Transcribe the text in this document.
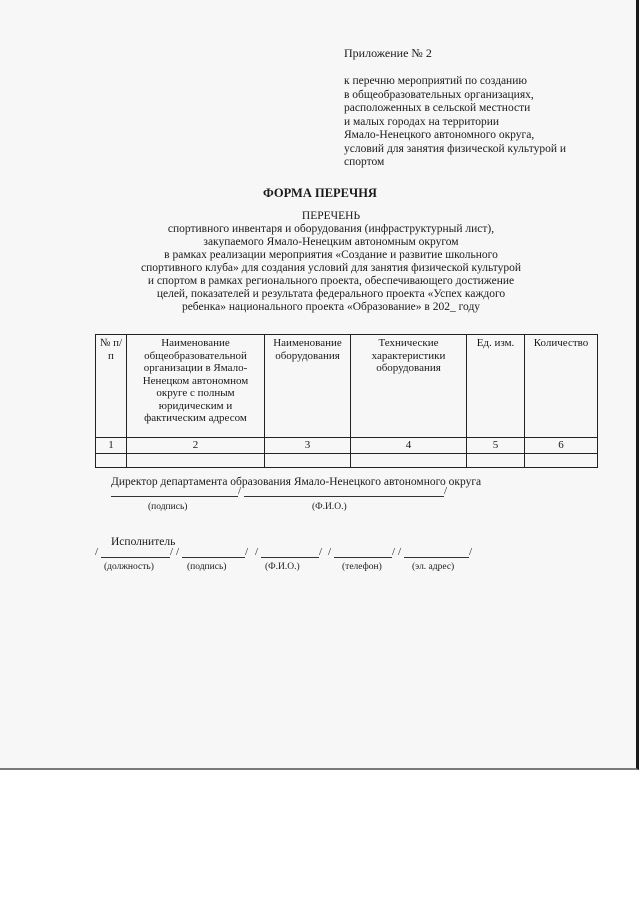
Приложение № 2
к перечню мероприятий по созданию
в общеобразовательных организациях,
расположенных в сельской местности
и малых городах на территории
Ямало-Ненецкого автономного округа,
условий для занятия физической культурой и
спортом
ФОРМА ПЕРЕЧНЯ
ПЕРЕЧЕНЬ
спортивного инвентаря и оборудования (инфраструктурный лист),
закупаемого Ямало-Ненецким автономным округом
в рамках реализации мероприятия «Создание и развитие школьного
спортивного клуба» для создания условий для занятия физической культурой
и спортом в рамках регионального проекта, обеспечивающего достижение
целей, показателей и результата федерального проекта «Успех каждого
ребенка» национального проекта «Образование» в 202_ году
№ п/п	Наименование общеобразовательной организации в Ямало-Ненецком автономном округе с полным юридическим и фактическим адресом	Наименование оборудования	Технические характеристики оборудования	Ед. изм.	Количество
1	2	3	4	5	6

Директор департамента образования Ямало-Ненецкого автономного округа
/	/
(подпись)	(Ф.И.О.)
Исполнитель
/	/ /	/ /	/ /	/ /	/
(должность)	(подпись)	(Ф.И.О.)	(телефон)	(эл. адрес)
